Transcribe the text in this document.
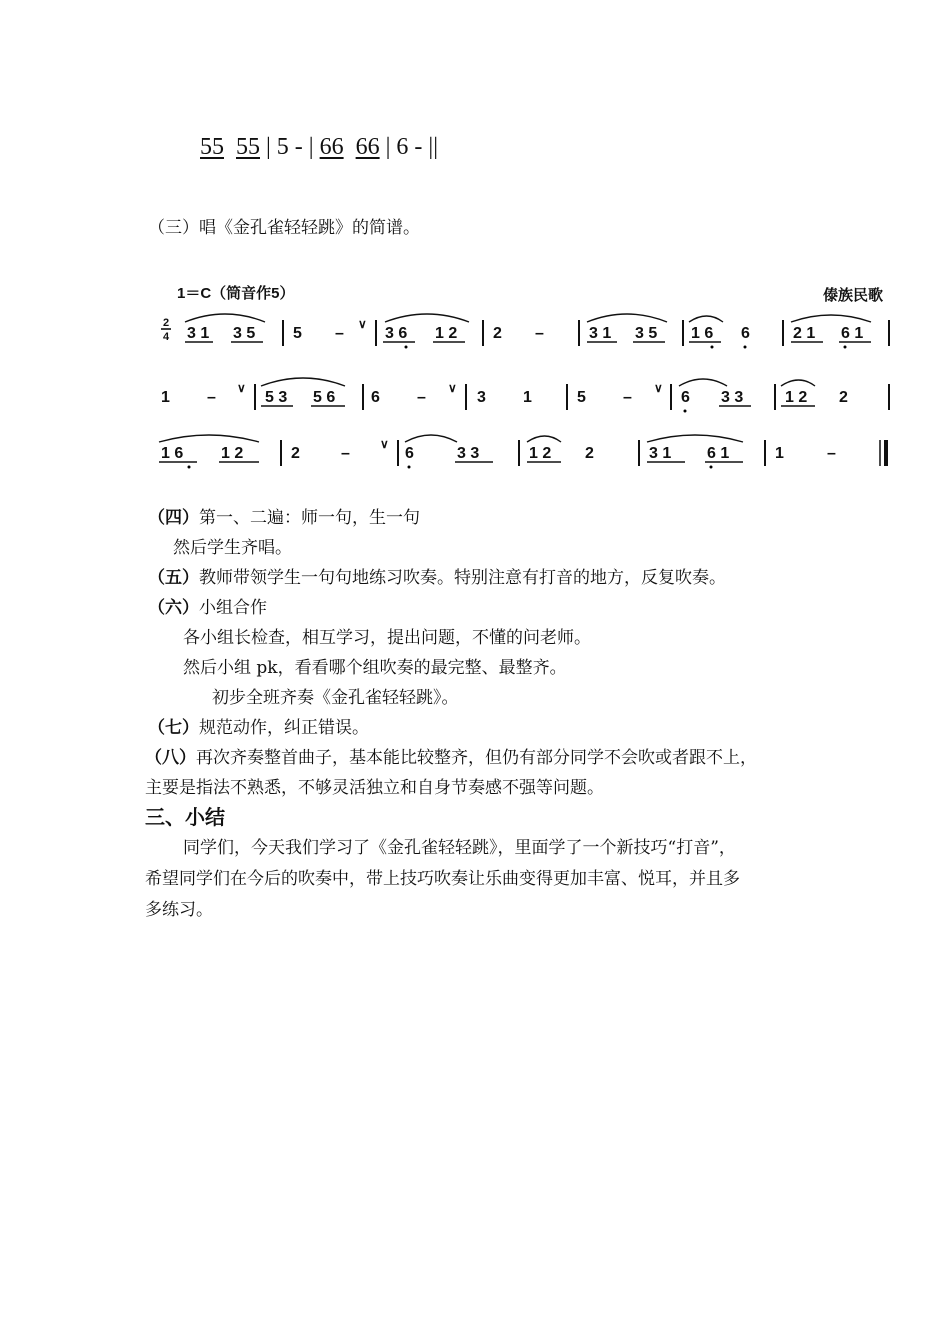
55 55 | 5 - | 66 66 | 6 - ||
（三）唱《金孔雀轻轻跳》的简谱。
1＝C（筒音作5）	傣族民歌
2
4 3 1 3 5 5 –
∨
3 6 1 2 2 –	3 1 3 5 1 6 6	2 1 6 1
1 –
∨
5 3 5 6 6 –
∨
3 1	5 –
∨
6 3 3	1 2 2
1 6 1 2	2	–
∨
6	3 3	1 2 2	3 1 6 1	1	–
（四）第一、二遍：师一句，生一句
然后学生齐唱。
（五）教师带领学生一句句地练习吹奏。特别注意有打音的地方，反复吹奏。
（六）小组合作
各小组长检查，相互学习，提出问题，不懂的问老师。
然后小组 pk，看看哪个组吹奏的最完整、最整齐。
初步全班齐奏《金孔雀轻轻跳》。
（七）规范动作，纠正错误。
（八）再次齐奏整首曲子，基本能比较整齐，但仍有部分同学不会吹或者跟不上，
主要是指法不熟悉，不够灵活独立和自身节奏感不强等问题。
三、小结
同学们，今天我们学习了《金孔雀轻轻跳》，里面学了一个新技巧“打音”，
希望同学们在今后的吹奏中，带上技巧吹奏让乐曲变得更加丰富、悦耳，并且多
多练习。
